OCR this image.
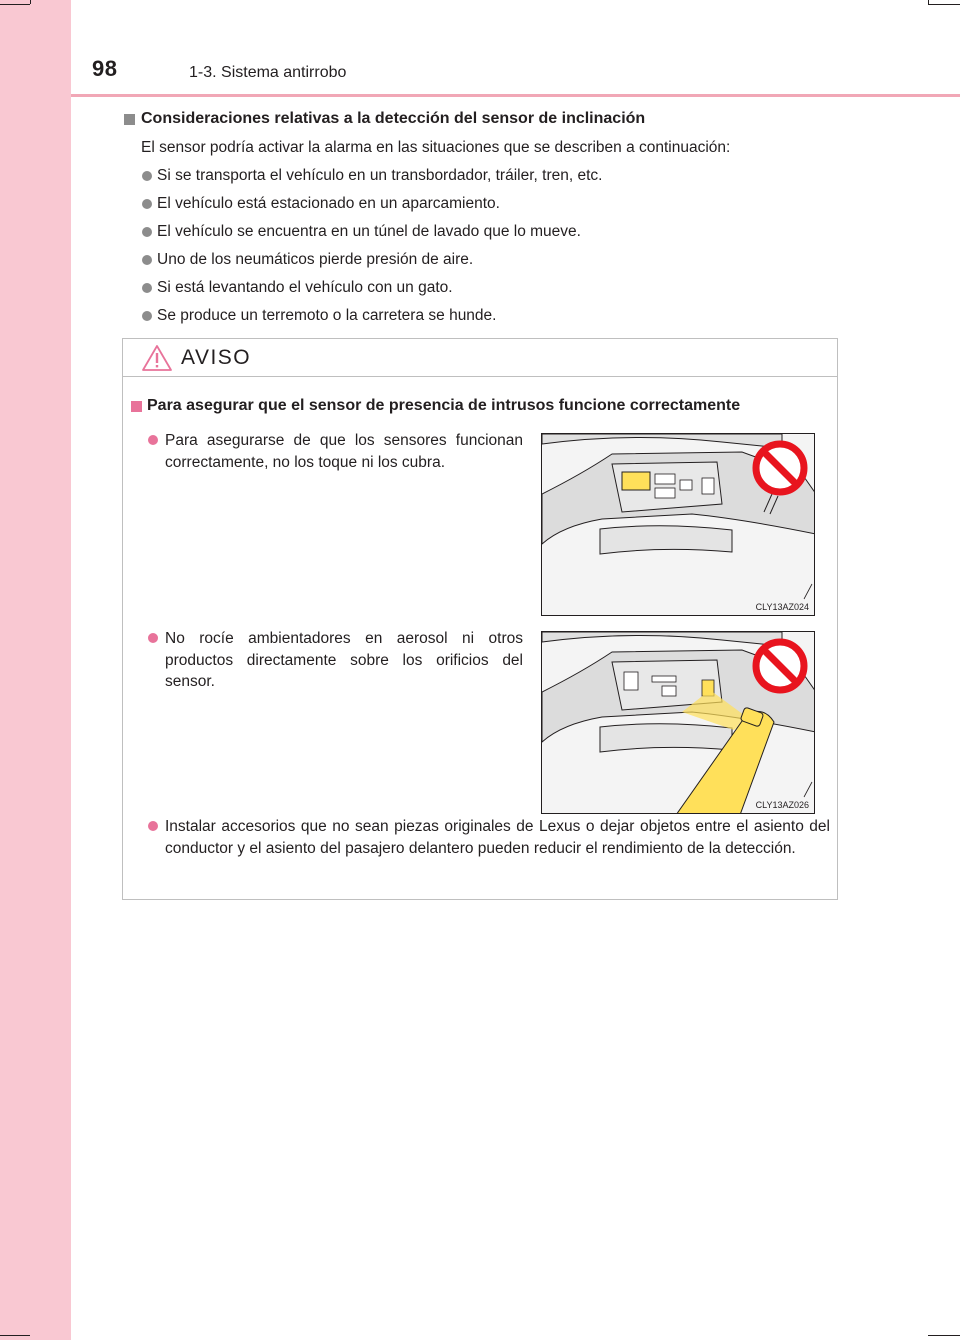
98	1-3. Sistema antirrobo
Consideraciones relativas a la detección del sensor de inclinación

El sensor podría activar la alarma en las situaciones que se describen a continuación:

Si se transporta el vehículo en un transbordador, tráiler, tren, etc.
El vehículo está estacionado en un aparcamiento.
El vehículo se encuentra en un túnel de lavado que lo mueve.
Uno de los neumáticos pierde presión de aire.
Si está levantando el vehículo con un gato.
Se produce un terremoto o la carretera se hunde.
AVISO
Para asegurar que el sensor de presencia de intrusos funcione correctamente
Para asegurarse de que los sensores funcionan correctamente, no los toque ni los cubra.
CLY13AZ024
No rocíe ambientadores en aerosol ni otros productos directamente sobre los orificios del sensor.
CLY13AZ026
Instalar accesorios que no sean piezas originales de Lexus o dejar objetos entre el asiento del conductor y el asiento del pasajero delantero pueden reducir el rendimiento de la detección.
